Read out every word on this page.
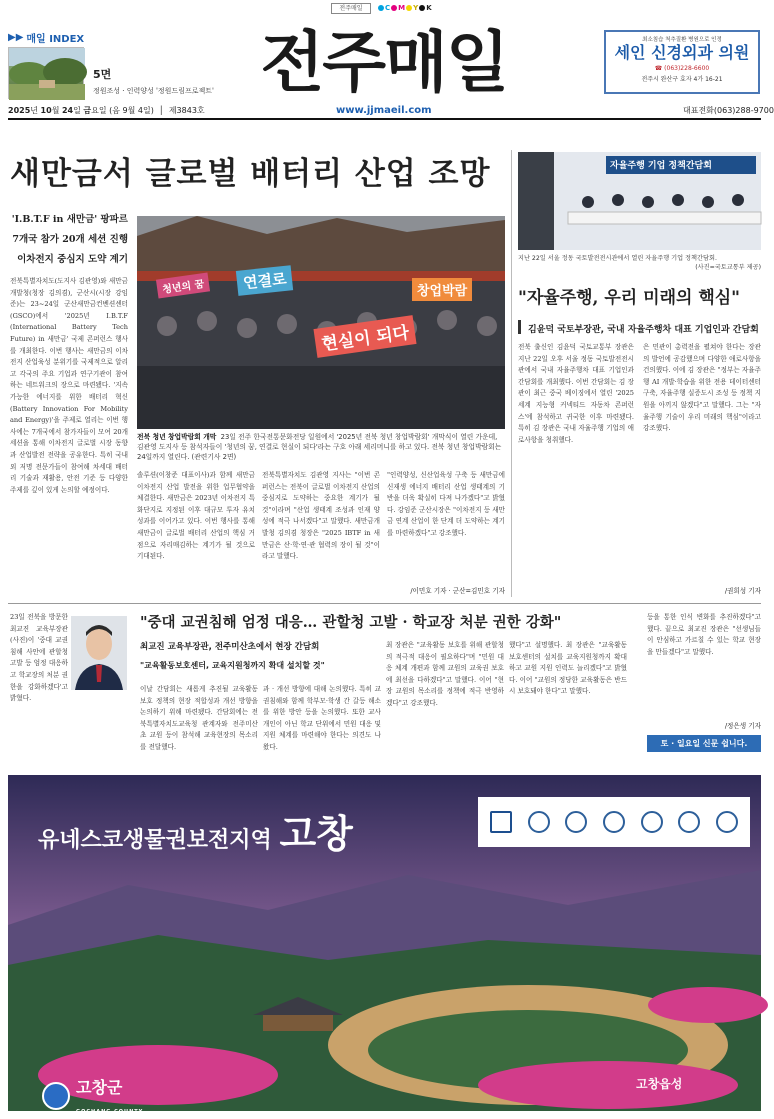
전주매일	C M Y K
▶▶ 매일 INDEX
5면
정원조성 · 인력양성 '정원드림프로젝트' 전주매일	최소침습 척추질환 병원으로 인정
세인 신경외과 의원
☎ (063)228-6600
전주시 완산구 효자 4가 16-21
2025년 10월 24일 금요일 (음 9월 4일)  │  제3843호	www.jjmaeil.com	대표전화(063)288-9700
새만금서 글로벌 배터리 산업 조망
'I.B.T.F in 새만금' 팡파르
7개국 참가 20개 세션 진행
이차전지 중심지 도약 계기
전북특별자치도(도지사 김관영)와 새만금개발청(청장 김의겸), 군산시(시장 강임준)는 23~24일 군산새만금컨벤션센터(GSCO)에서 '2025년 I.B.T.F (International Battery Tech Future) in 새만금' 국제 콘퍼런스 행사를 개최한다. 이번 행사는 새만금의 이차전지 산업육성 분위기를 국제적으로 알리고 각국의 주요 기업과 연구기관이 참여하는 네트워크의 장으로 마련됐다. '지속가능한 에너지를 위한 배터리 혁신(Battery Innovation For Mobility and Energy)'을 주제로 열리는 이번 행사에는 7개국에서 참가자들이 모여 20개 세션을 통해 이차전지 글로벌 시장 동향과 산업발전 전략을 공유한다. 특히 국내외 저명 전문가들이 참여해 차세대 배터리 기술과 재활용, 안전 기준 등 다양한 주제를 깊이 있게 논의할 예정이다.
청년의 꿈	연결로
현실이 되다
창업박람
전북 청년 창업박람회 개막 23일 전주 한국전통문화전당 일원에서 '2025년 전북 청년 창업박람회' 개막식이 열린 가운데, 김관영 도지사 등 참석자들이 '청년의 꿈, 연결로 현실이 되다'라는 구호 아래 세리머니를 하고 있다. 전북 청년 창업박람회는 24일까지 열린다. (관련기사 2면)
솔루션(이창준 대표이사)과 함께 새만금 이차전지 산업 발전을 위한 업무협약을 체결한다. 새만금은 2023년 이차전지 특화단지로 지정된 이후 대규모 투자 유치 성과를 이어가고 있다. 이번 행사를 통해 새만금이 글로벌 배터리 산업의 핵심 거점으로 자리매김하는 계기가 될 것으로 기대된다.
전북특별자치도 김관영 지사는 "이번 콘퍼런스는 전북이 글로벌 이차전지 산업의 중심지로 도약하는 중요한 계기가 될 것"이라며 "산업 생태계 조성과 인재 양성에 적극 나서겠다"고 말했다. 새만금개발청 김의겸 청장은 "2025 IBTF in 새만금은 산·학·연·관 협력의 장이 될 것"이라고 말했다.
"인력양성, 신산업육성 구축 등 새만금에 신재생 에너지 배터리 산업 생태계의 기반을 더욱 확실히 다져 나가겠다"고 밝혔다. 강임준 군산시장은 "이차전지 등 새만금 연계 산업이 한 단계 더 도약하는 계기를 마련하겠다"고 강조했다.
/이민호 기자 · 군산=김민호 기자
자율주행 기업 정책간담회
지난 22일 서울 정동 국토발전전시관에서 열린 자율주행 기업 정책간담회.
(사진=국토교통부 제공)
"자율주행, 우리 미래의 핵심"
김윤덕 국토부장관, 국내 자율주행차 대표 기업인과 간담회
전북 출신인 김윤덕 국토교통부 장관은 지난 22일 오후 서울 정동 국토발전전시관에서 국내 자율주행차 대표 기업인과 간담회를 개최했다. 이번 간담회는 김 장관이 최근 중국 베이징에서 열린 '2025 세계 지능형 커넥티드 자동차 콘퍼런스'에 참석하고 귀국한 이후 마련됐다. 특히 김 장관은 국내 자율주행 기업의 애로사항을 청취했다.
은 민관이 총력전을 펼쳐야 한다는 장관의 발언에 공감했으며 다양한 애로사항을 건의했다. 이에 김 장관은 "정부는 자율주행 AI 개발·학습을 위한 전용 데이터센터 구축, 자율주행 실증도시 조성 등 정책 지원을 아끼지 않겠다"고 말했다. 그는 "자율주행 기술이 우리 미래의 핵심"이라고 강조했다.
/권희성 기자
23일 전북을 방문한 최교진 교육부장관(사진)이 '중대 교권침해 사안에 관할청 고발 등 엄정 대응하고 학교장의 처분 권한을 강화하겠다'고 밝혔다.
"중대 교권침해 엄정 대응… 관할청 고발 · 학교장 처분 권한 강화"
최교진 교육부장관, 전주미산초에서 현장 간담회
"교육활동보호센터, 교육지원청까지 확대 설치할 것"
이날 간담회는 새롭게 추진될 교육활동 보호 정책의 현장 적합성과 개선 방향을 논의하기 위해 마련됐다. 간담회에는 전북특별자치도교육청 관계자와 전주미산초 교원 등이 참석해 교육현장의 목소리를 전달했다.
과 · 개선 방향에 대해 논의했다. 특히 교권침해와 함께 학부모·학생 간 갈등 해소를 위한 방안 등을 논의했다. 또한 교사 개인이 아닌 학교 단위에서 민원 대응 및 지원 체계를 마련해야 한다는 의견도 나왔다.
최 장관은 "교육활동 보호를 위해 관할청의 적극적 대응이 필요하다"며 "민원 대응 체계 개편과 함께 교원의 교육권 보호에 최선을 다하겠다"고 말했다. 이어 "현장 교원의 목소리를 정책에 적극 반영하겠다"고 강조했다.
했다"고 설명했다. 최 장관은 "교육활동보호센터의 설치를 교육지원청까지 확대하고 교원 지원 인력도 늘리겠다"고 밝혔다. 이어 "교원의 정당한 교육활동은 반드시 보호돼야 한다"고 말했다.
등을 통한 인식 변화를 추진하겠다"고 했다. 끝으로 최교진 장관은 "선생님들이 안심하고 가르칠 수 있는 학교 현장을 만들겠다"고 말했다.
/정은생 기자
토 · 일요일 신문 쉽니다.
유네스코생물권보전지역 고창
고창군
GOCHANG COUNTY
고창읍성
